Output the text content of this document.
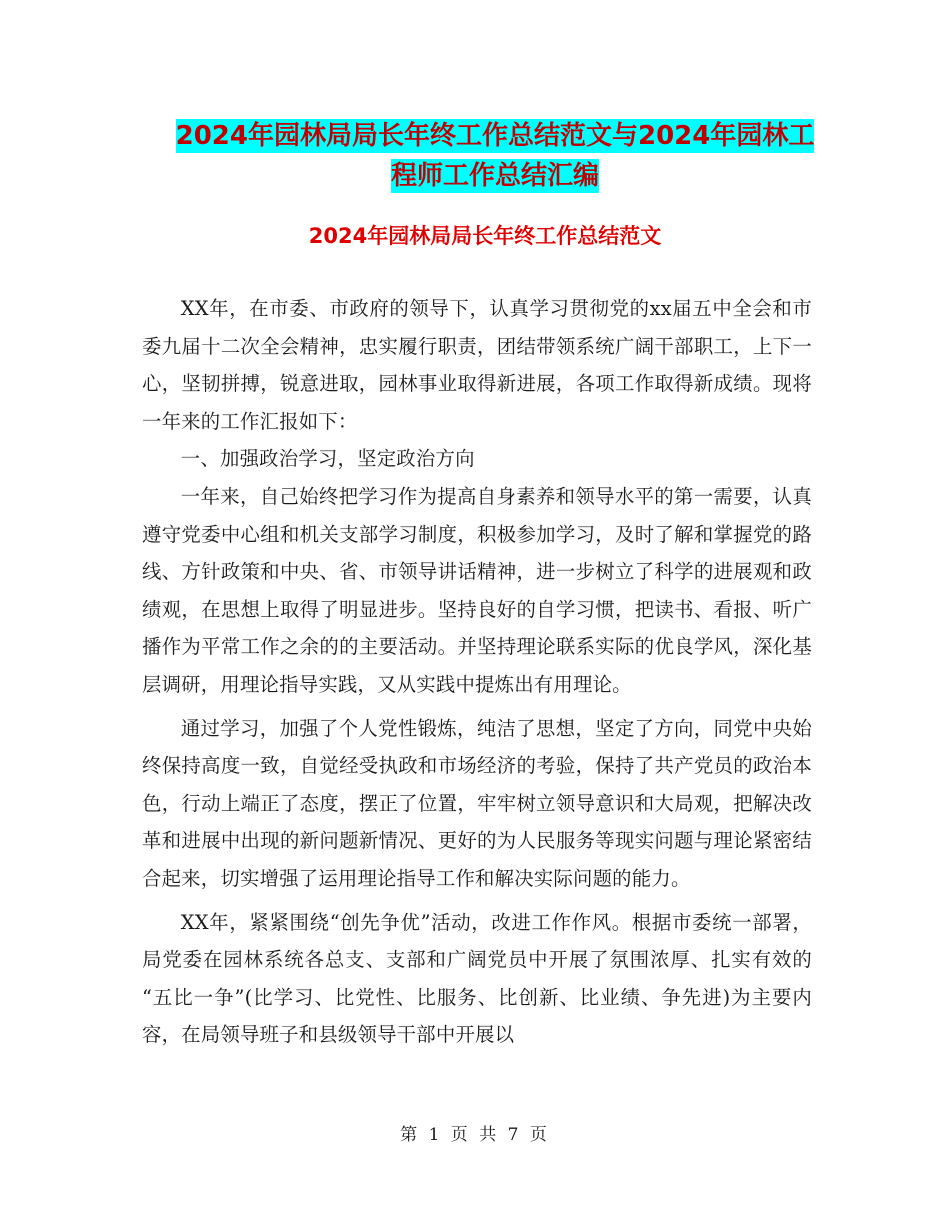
2024年园林局局长年终工作总结范文与2024年园林工
程师工作总结汇编
2024年园林局局长年终工作总结范文

XX年，在市委、市政府的领导下，认真学习贯彻党的xx届五中全会和市委九届十二次全会精神，忠实履行职责，团结带领系统广阔干部职工，上下一心，坚韧拼搏，锐意进取，园林事业取得新进展，各项工作取得新成绩。现将一年来的工作汇报如下：

一、加强政治学习，坚定政治方向

一年来，自己始终把学习作为提高自身素养和领导水平的第一需要，认真遵守党委中心组和机关支部学习制度，积极参加学习，及时了解和掌握党的路线、方针政策和中央、省、市领导讲话精神，进一步树立了科学的进展观和政绩观，在思想上取得了明显进步。坚持良好的自学习惯，把读书、看报、听广播作为平常工作之余的的主要活动。并坚持理论联系实际的优良学风，深化基层调研，用理论指导实践，又从实践中提炼出有用理论。

通过学习，加强了个人党性锻炼，纯洁了思想，坚定了方向，同党中央始终保持高度一致，自觉经受执政和市场经济的考验，保持了共产党员的政治本色，行动上端正了态度，摆正了位置，牢牢树立领导意识和大局观，把解决改革和进展中出现的新问题新情况、更好的为人民服务等现实问题与理论紧密结合起来，切实增强了运用理论指导工作和解决实际问题的能力。

XX年，紧紧围绕“创先争优”活动，改进工作作风。根据市委统一部署，局党委在园林系统各总支、支部和广阔党员中开展了氛围浓厚、扎实有效的 “五比一争”(比学习、比党性、比服务、比创新、比业绩、争先进)为主要内容，在局领导班子和县级领导干部中开展以

第 1 页 共 7 页
